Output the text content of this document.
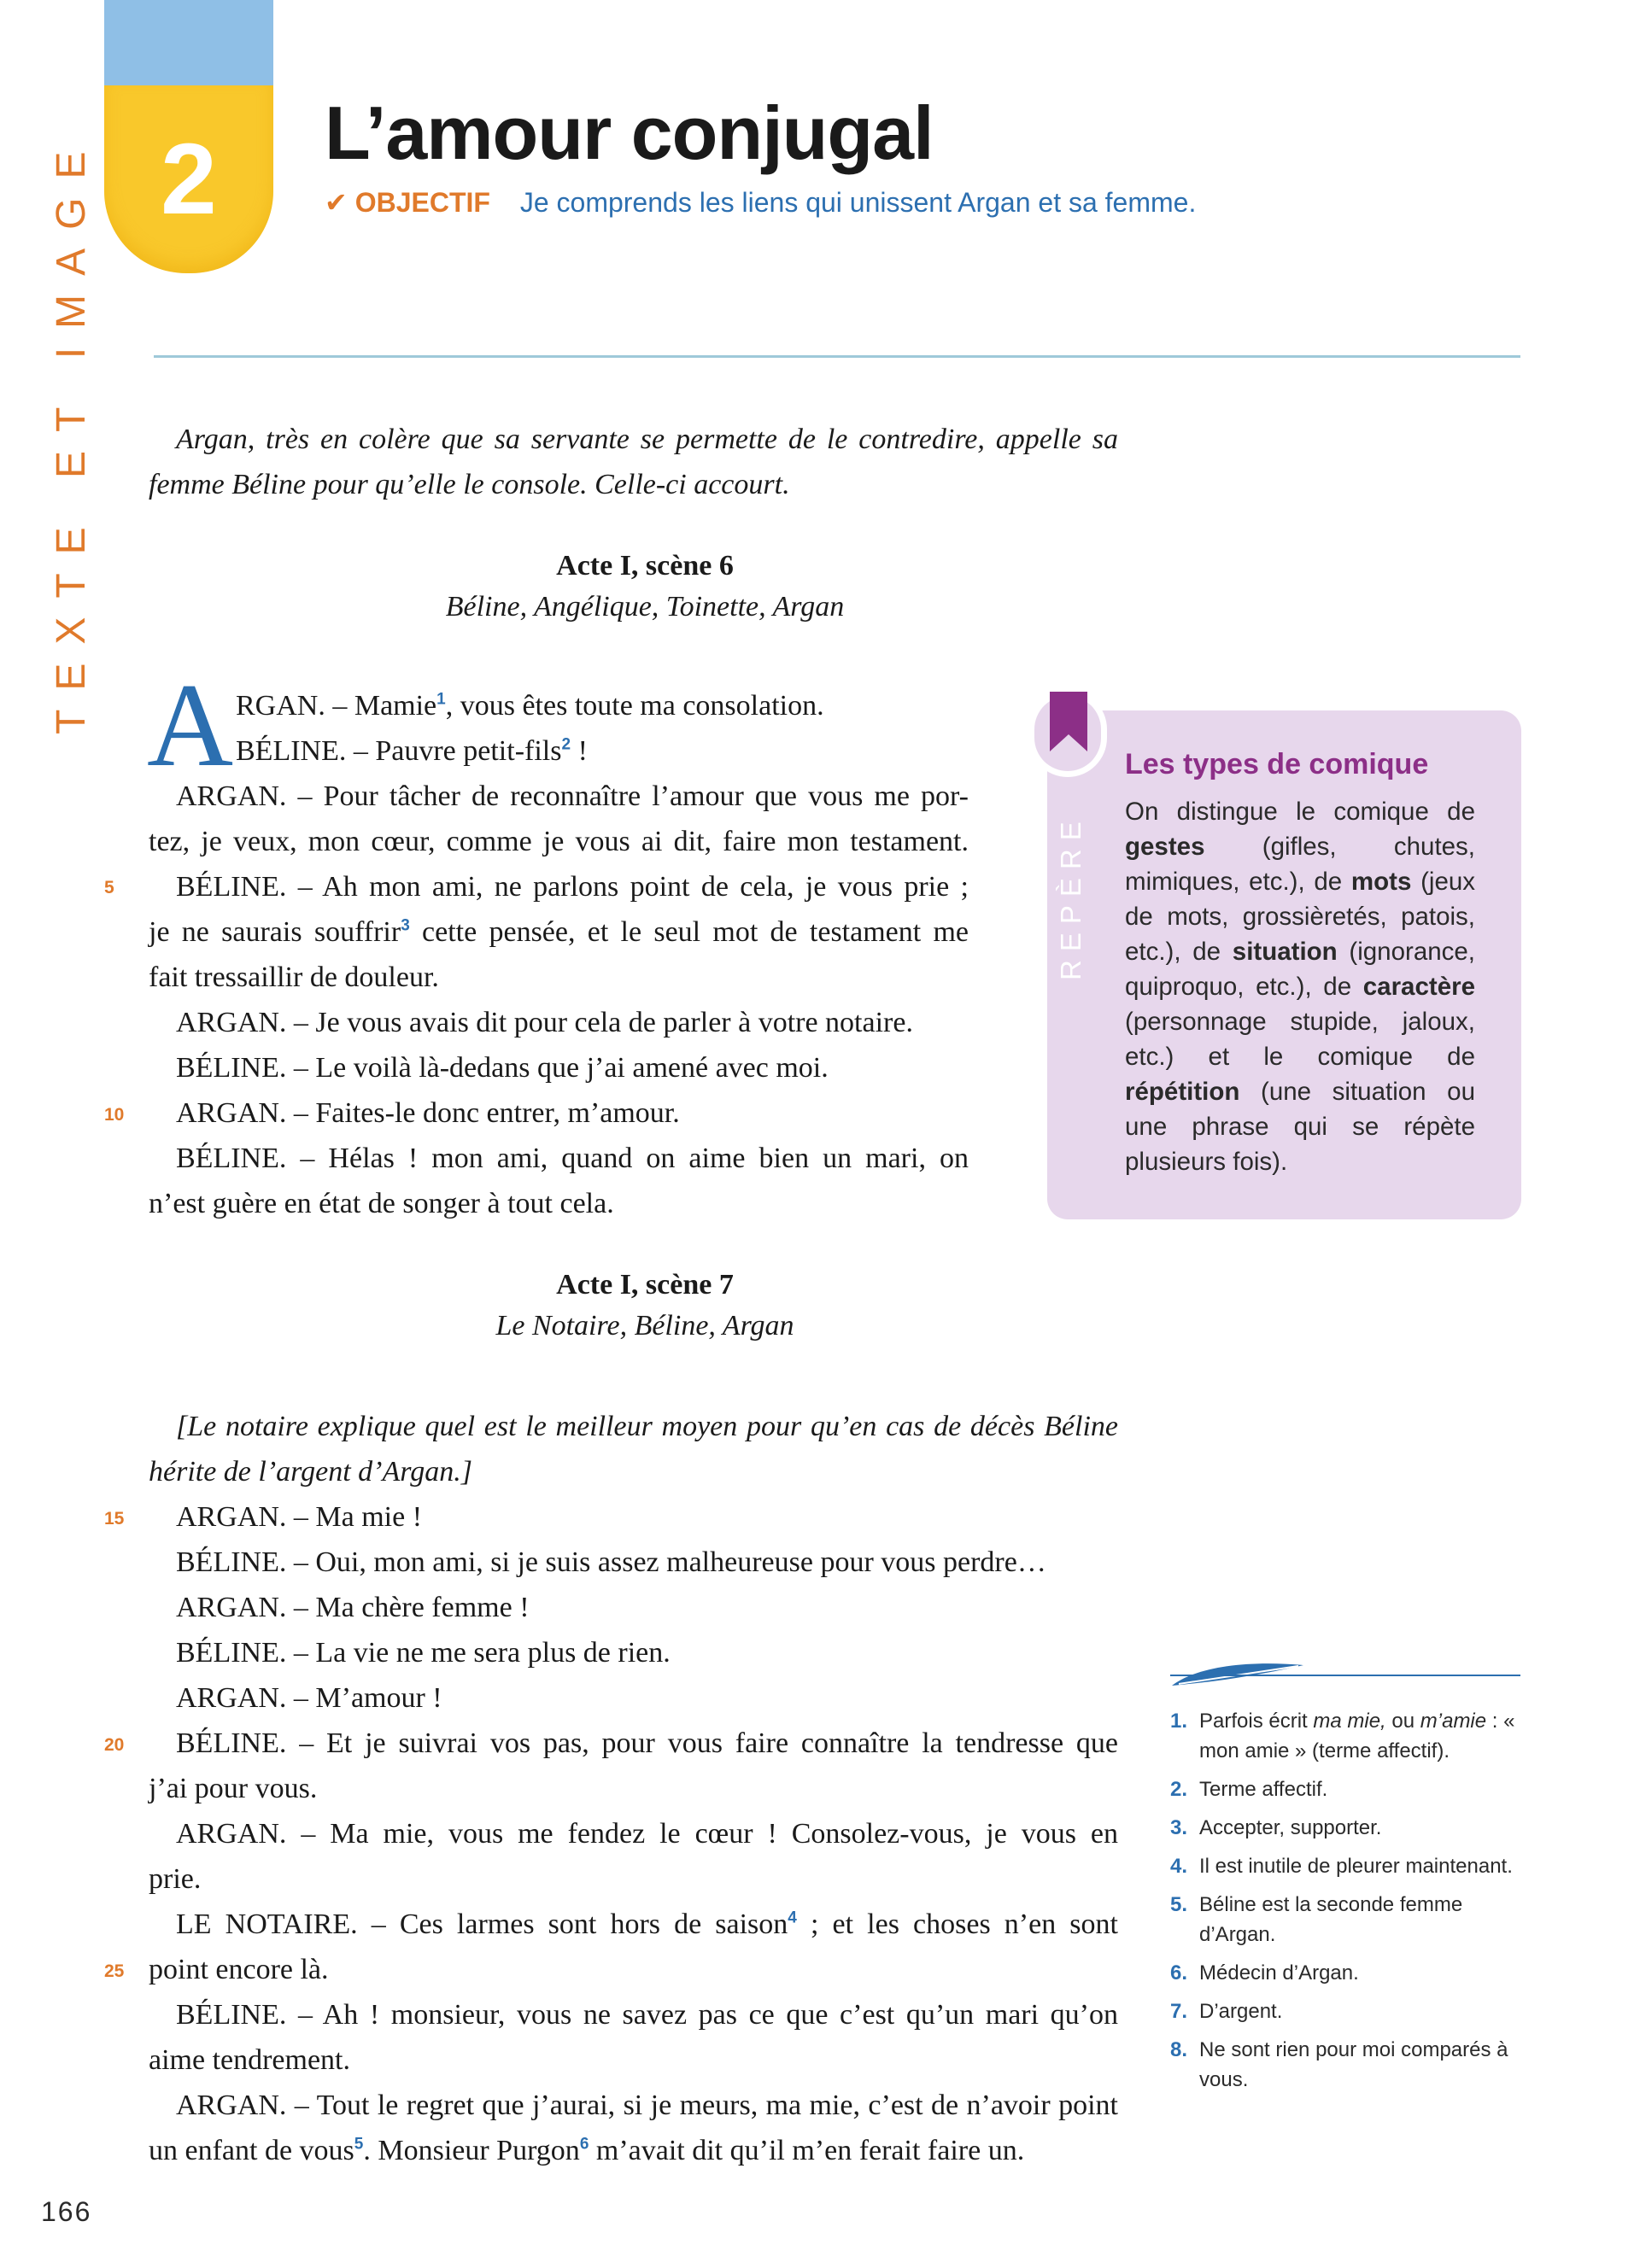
TEXTE ET IMAGE 2 L’amour conjugal
✔ OBJECTIF Je comprends les liens qui unissent Argan et sa femme.
Argan, très en colère que sa servante se permette de le contredire, appelle sa femme Béline pour qu’elle le console. Celle-ci accourt.
Acte I, scène 6
Béline, Angélique, Toinette, Argan
A RGAN. – Mamie$^1$, vous êtes toute ma consolation.
BÉLINE. – Pauvre petit-fils$^2$ !
ARGAN. – Pour tâcher de reconnaître l’amour que vous me por-
tez, je veux, mon cœur, comme je vous ai dit, faire mon testament.
5	BÉLINE. – Ah mon ami, ne parlons point de cela, je vous prie ;
je ne saurais souffrir$^3$ cette pensée, et le seul mot de testament me
fait tressaillir de douleur.
ARGAN. – Je vous avais dit pour cela de parler à votre notaire.
BÉLINE. – Le voilà là-dedans que j’ai amené avec moi.
10	ARGAN. – Faites-le donc entrer, m’amour.
BÉLINE. – Hélas ! mon ami, quand on aime bien un mari, on
n’est guère en état de songer à tout cela.
REPÈRE
Les types de comique
On distingue le comique de gestes (gifles, chutes, mimiques, etc.), de mots (jeux de mots, grossièretés, patois, etc.), de situation (ignorance, quiproquo, etc.), de caractère (personnage stupide, jaloux, etc.) et le comique de répétition (une situation ou une phrase qui se répète plusieurs fois).
Acte I, scène 7
Le Notaire, Béline, Argan
[Le notaire explique quel est le meilleur moyen pour qu’en cas de décès Béline
hérite de l’argent d’Argan.]
15	ARGAN. – Ma mie !
BÉLINE. – Oui, mon ami, si je suis assez malheureuse pour vous perdre…
ARGAN. – Ma chère femme !
BÉLINE. – La vie ne me sera plus de rien.
ARGAN. – M’amour !
20	BÉLINE. – Et je suivrai vos pas, pour vous faire connaître la tendresse que
j’ai pour vous.
ARGAN. – Ma mie, vous me fendez le cœur ! Consolez-vous, je vous en
prie.
LE NOTAIRE. – Ces larmes sont hors de saison$^4$ ; et les choses n’en sont
25 point encore là.
BÉLINE. – Ah ! monsieur, vous ne savez pas ce que c’est qu’un mari qu’on
aime tendrement.
ARGAN. – Tout le regret que j’aurai, si je meurs, ma mie, c’est de n’avoir point
un enfant de vous$^5$. Monsieur Purgon$^6$ m’avait dit qu’il m’en ferait faire un.
1. Parfois écrit ma mie, ou m’amie : « mon amie » (terme affectif).
2. Terme affectif.
3. Accepter, supporter.
4. Il est inutile de pleurer maintenant.
5. Béline est la seconde femme d’Argan.
6. Médecin d’Argan.
7. D’argent.
8. Ne sont rien pour moi comparés à vous.
166
